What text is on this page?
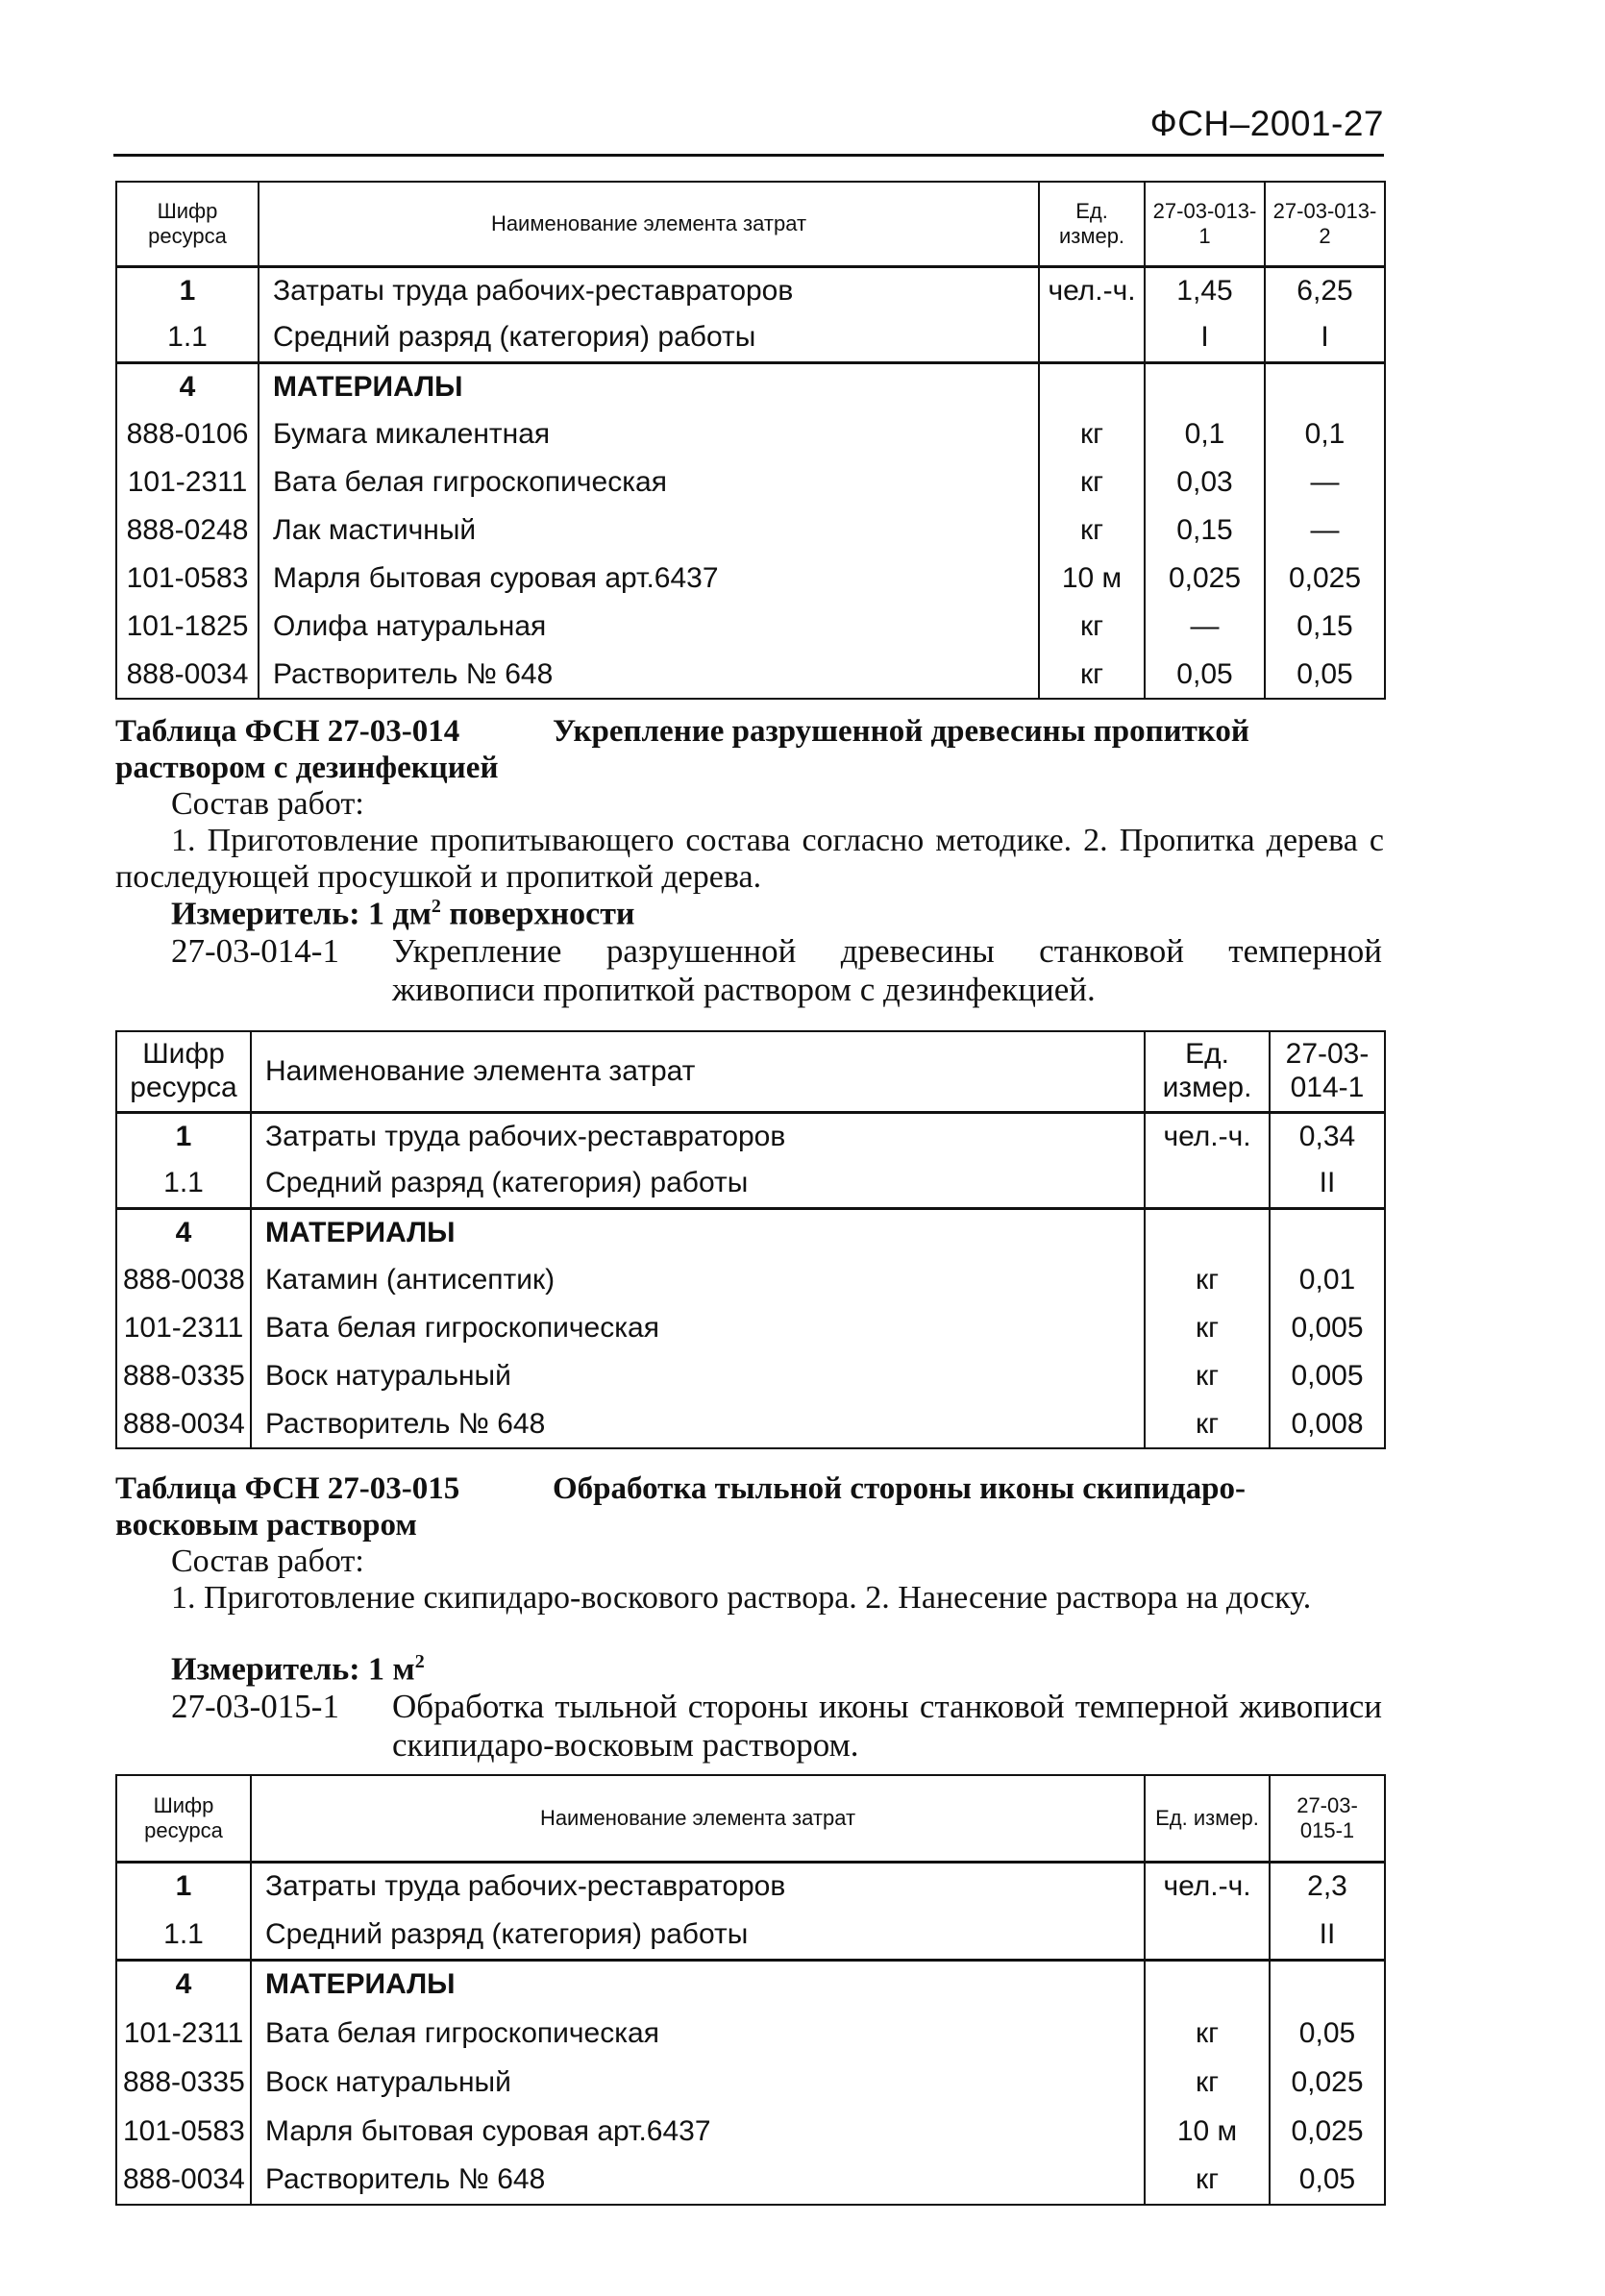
ФСН–2001-27
Шифр ресурса	Наименование элемента затрат	Ед. измер.	27-03-013-1	27-03-013-2
1	Затраты труда рабочих-реставраторов	чел.-ч.	1,45	6,25
1.1	Средний разряд (категория) работы		I	I
4	МАТЕРИАЛЫ			
888-0106	Бумага микалентная	кг	0,1	0,1
101-2311	Вата белая гигроскопическая	кг	0,03	—
888-0248	Лак мастичный	кг	0,15	—
101-0583	Марля бытовая суровая арт.6437	10 м	0,025	0,025
101-1825	Олифа натуральная	кг	—	0,15
888-0034	Растворитель № 648	кг	0,05	0,05
Таблица ФСН 27-03-014	Укрепление разрушенной древесины пропиткой раствором с дезинфекцией
Состав работ:
1. Приготовление пропитывающего состава согласно методике. 2. Пропитка дерева с последующей просушкой и пропиткой дерева.
Измеритель: 1 $дм^2$ поверхности
27-03-014-1 Укрепление разрушенной древесины станковой темперной живописи пропиткой раствором с дезинфекцией.
Шифр ресурса	Наименование элемента затрат	Ед. измер.	27-03-014-1
1	Затраты труда рабочих-реставраторов	чел.-ч.	0,34
1.1	Средний разряд (категория) работы		II
4	МАТЕРИАЛЫ		
888-0038	Катамин (антисептик)	кг	0,01
101-2311	Вата белая гигроскопическая	кг	0,005
888-0335	Воск натуральный	кг	0,005
888-0034	Растворитель № 648	кг	0,008
Таблица ФСН 27-03-015	Обработка тыльной стороны иконы скипидаро-восковым раствором
Состав работ:
1. Приготовление скипидаро-воскового раствора. 2. Нанесение раствора на доску.
Измеритель: 1 $м^2$
27-03-015-1 Обработка тыльной стороны иконы станковой темперной живописи скипидаро-восковым раствором.
Шифр ресурса	Наименование элемента затрат	Ед. измер.	27-03-015-1
1	Затраты труда рабочих-реставраторов	чел.-ч.	2,3
1.1	Средний разряд (категория) работы		II
4	МАТЕРИАЛЫ		
101-2311	Вата белая гигроскопическая	кг	0,05
888-0335	Воск натуральный	кг	0,025
101-0583	Марля бытовая суровая арт.6437	10 м	0,025
888-0034	Растворитель № 648	кг	0,05
